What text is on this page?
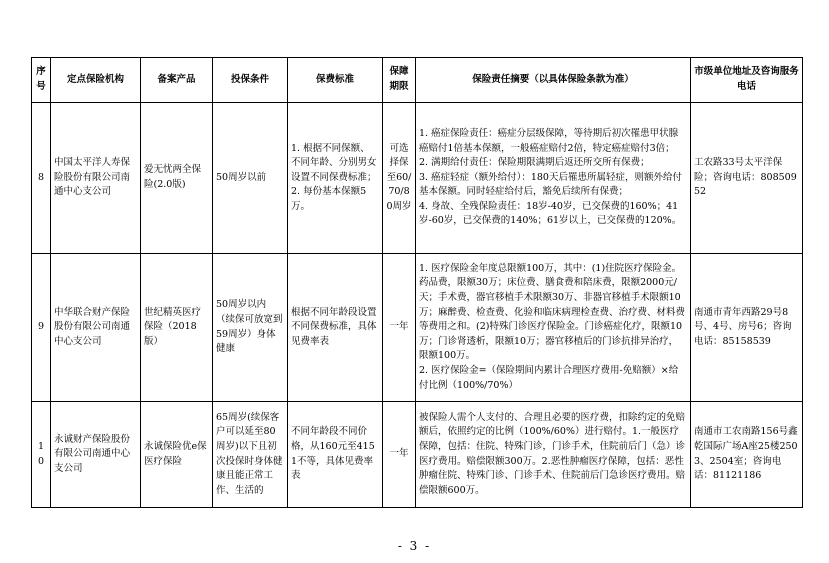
序号	定点保险机构	备案产品	投保条件	保费标准	保障期限	保险责任摘要（以具体保险条款为准）	市级单位地址及咨询服务电话
8	中国太平洋人寿保险股份有限公司南通中心支公司	爱无忧两全保险(2.0版)	50周岁以前	1. 根据不同保额、不同年龄、分别男女设置不同保费标准；
2. 每份基本保额5万。	可选择保至60/70/80周岁	1. 癌症保险责任：癌症分层级保障，等待期后初次罹患甲状腺癌赔付1倍基本保额，一般癌症赔付2倍，特定癌症赔付3倍；
2. 满期给付责任：保险期限满期后返还所交所有保费；
3. 癌症轻症（额外给付）：180天后罹患所属轻症，则额外给付基本保额。同时轻症给付后，豁免后续所有保费；
4. 身故、全残保险责任：18岁-40岁，已交保费的160%；41岁-60岁，已交保费的140%；61岁以上，已交保费的120%。	工农路33号太平洋保险；咨询电话：80850952
9	中华联合财产保险股份有限公司南通中心支公司	世纪精英医疗保险（2018版）	50周岁以内（续保可放宽到59周岁）身体健康	根据不同年龄段设置不同保费标准，具体见费率表	一年	1. 医疗保险金年度总限额100万，其中：(1)住院医疗保险金。药品费，限额30万；床位费、膳食费和陪床费，限额2000元/天；手术费，器官移植手术限额30万、非器官移植手术限额10万；麻醉费、检查费、化验和临床病理检查费、治疗费、材料费等费用之和。(2)特殊门诊医疗保险金。门诊癌症化疗，限额10万；门诊肾透析，限额10万；器官移植后的门诊抗排异治疗，限额100万。
2. 医疗保险金=（保险期间内累计合理医疗费用-免赔额）×给付比例（100%/70%）	南通市青年西路29号8号、4号、房号6；咨询电话：85158539
10	永诚财产保险股份有限公司南通中心支公司	永诚保险优e保医疗保险	65周岁(续保客户可以延至80周岁)以下且初次投保时身体健康且能正常工作、生活的	不同年龄段不同价格，从160元至4151不等，具体见费率表	一年	被保险人需个人支付的、合理且必要的医疗费，扣除约定的免赔额后，依照约定的比例（100%/60%）进行赔付。1.一般医疗保障，包括：住院、特殊门诊，门诊手术，住院前后门（急）诊医疗费用。赔偿限额300万。2.恶性肿瘤医疗保障，包括：恶性肿瘤住院、特殊门诊、门诊手术、住院前后门急诊医疗费用。赔偿限额600万。	南通市工农南路156号鑫乾国际广场A座25楼2503、2504室；咨询电话：81121186
- 3 -
